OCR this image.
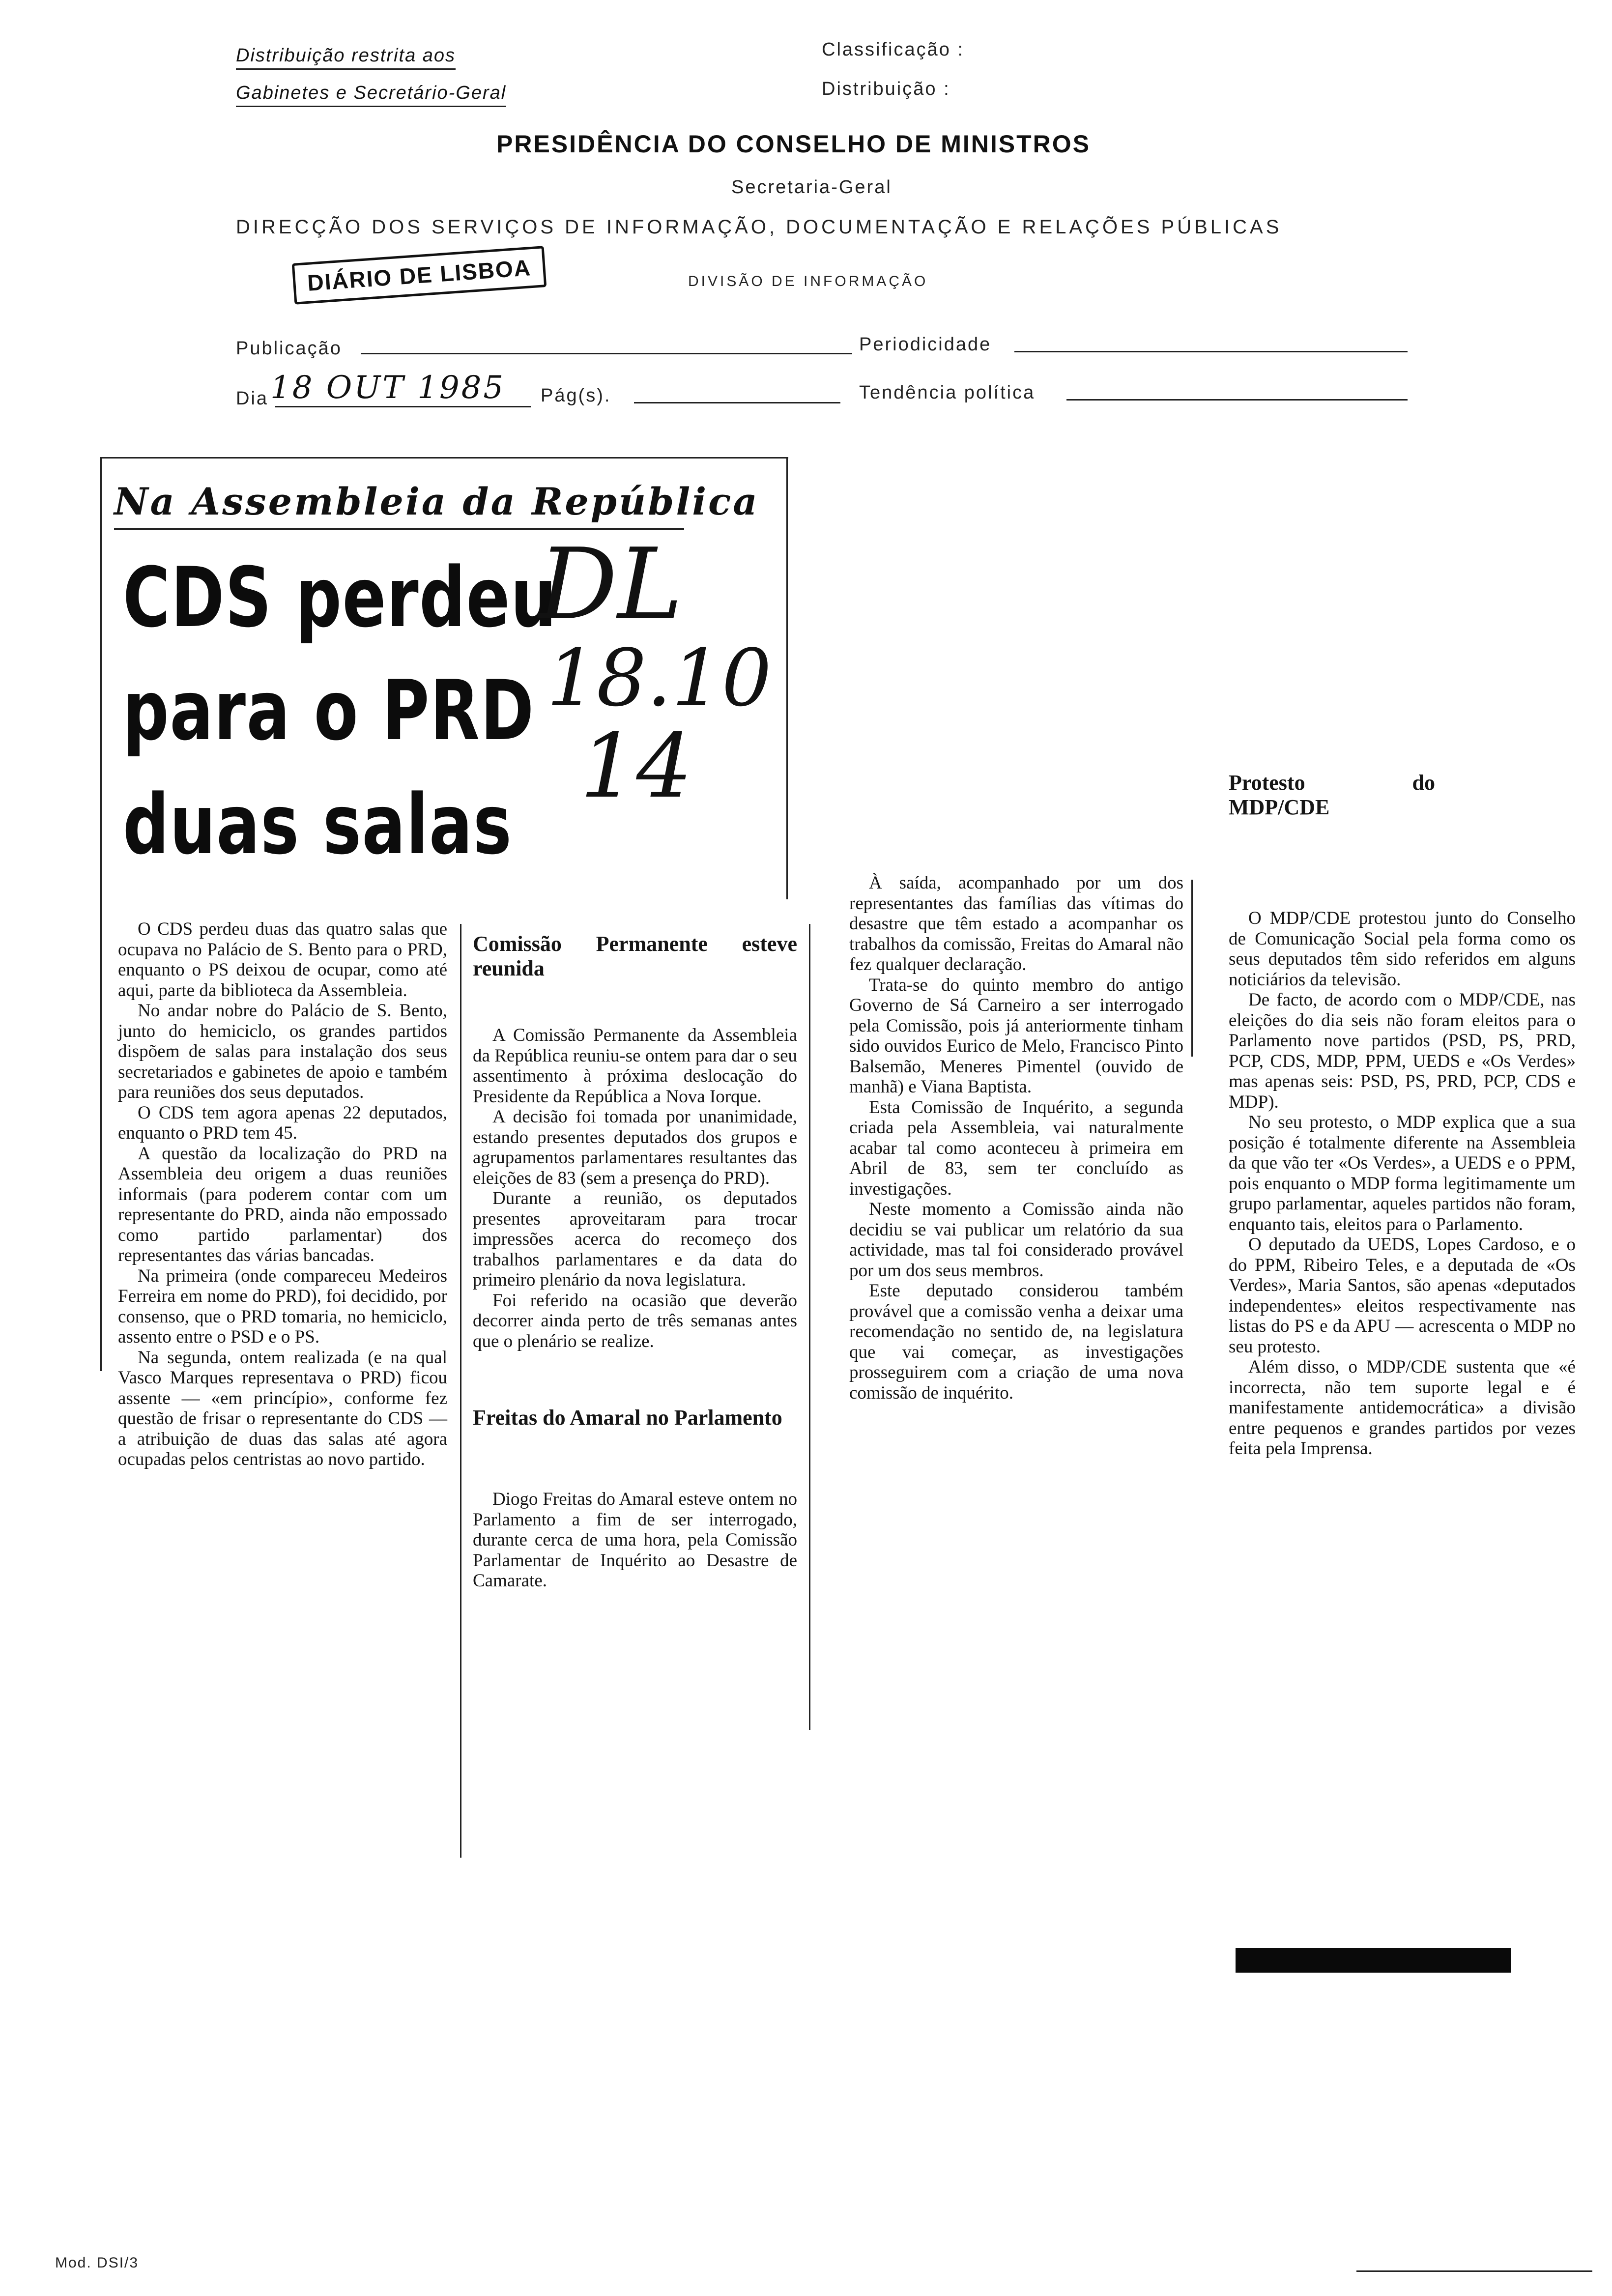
Distribuição restrita aos
Gabinetes e Secretário-Geral
Classificação :
Distribuição :
PRESIDÊNCIA DO CONSELHO DE MINISTROS
Secretaria-Geral
DIRECÇÃO DOS SERVIÇOS DE INFORMAÇÃO, DOCUMENTAÇÃO E RELAÇÕES PÚBLICAS
DIÁRIO DE LISBOA	DIVISÃO DE INFORMAÇÃO
Publicação	Periodicidade
Dia 18 OUT 1985 Pág(s).	Tendência política
Na Assembleia da República
CDS perdeu
para o PRD
duas salas
DL
18.10
14

O CDS perdeu duas das quatro salas que ocupava no Palácio de S. Bento para o PRD, enquanto o PS deixou de ocupar, como até aqui, parte da biblioteca da Assembleia.

No andar nobre do Palácio de S. Bento, junto do hemiciclo, os grandes partidos dispõem de salas para instalação dos seus secretariados e gabinetes de apoio e também para reuniões dos seus deputados.

O CDS tem agora apenas 22 deputados, enquanto o PRD tem 45.

A questão da localização do PRD na Assembleia deu origem a duas reuniões informais (para poderem contar com um representante do PRD, ainda não empossado como partido parlamentar) dos representantes das várias bancadas.

Na primeira (onde compareceu Medeiros Ferreira em nome do PRD), foi decidido, por consenso, que o PRD tomaria, no hemiciclo, assento entre o PSD e o PS.

Na segunda, ontem realizada (e na qual Vasco Marques representava o PRD) ficou assente — «em princípio», conforme fez questão de frisar o representante do CDS — a atribuição de duas das salas até agora ocupadas pelos centristas ao novo partido.

Comissão Permanente esteve reunida

A Comissão Permanente da Assembleia da República reuniu-se ontem para dar o seu assentimento à próxima deslocação do Presidente da República a Nova Iorque.

A decisão foi tomada por unanimidade, estando presentes deputados dos grupos e agrupamentos parlamentares resultantes das eleições de 83 (sem a presença do PRD).

Durante a reunião, os deputados presentes aproveitaram para trocar impressões acerca do recomeço dos trabalhos parlamentares e da data do primeiro plenário da nova legislatura.

Foi referido na ocasião que deverão decorrer ainda perto de três semanas antes que o plenário se realize.

Freitas do Amaral no Parlamento

Diogo Freitas do Amaral esteve ontem no Parlamento a fim de ser interrogado, durante cerca de uma hora, pela Comissão Parlamentar de Inquérito ao Desastre de Camarate.

À saída, acompanhado por um dos representantes das famílias das vítimas do desastre que têm estado a acompanhar os trabalhos da comissão, Freitas do Amaral não fez qualquer declaração.

Trata-se do quinto membro do antigo Governo de Sá Carneiro a ser interrogado pela Comissão, pois já anteriormente tinham sido ouvidos Eurico de Melo, Francisco Pinto Balsemão, Meneres Pimentel (ouvido de manhã) e Viana Baptista.

Esta Comissão de Inquérito, a segunda criada pela Assembleia, vai naturalmente acabar tal como aconteceu à primeira em Abril de 83, sem ter concluído as investigações.

Neste momento a Comissão ainda não decidiu se vai publicar um relatório da sua actividade, mas tal foi considerado provável por um dos seus membros.

Este deputado considerou também provável que a comissão venha a deixar uma recomendação no sentido de, na legislatura que vai começar, as investigações prosseguirem com a criação de uma nova comissão de inquérito.

Protesto do MDP/CDE

O MDP/CDE protestou junto do Conselho de Comunicação Social pela forma como os seus deputados têm sido referidos em alguns noticiários da televisão.

De facto, de acordo com o MDP/CDE, nas eleições do dia seis não foram eleitos para o Parlamento nove partidos (PSD, PS, PRD, PCP, CDS, MDP, PPM, UEDS e «Os Verdes» mas apenas seis: PSD, PS, PRD, PCP, CDS e MDP).

No seu protesto, o MDP explica que a sua posição é totalmente diferente na Assembleia da que vão ter «Os Verdes», a UEDS e o PPM, pois enquanto o MDP forma legitimamente um grupo parlamentar, aqueles partidos não foram, enquanto tais, eleitos para o Parlamento.

O deputado da UEDS, Lopes Cardoso, e o do PPM, Ribeiro Teles, e a deputada de «Os Verdes», Maria Santos, são apenas «deputados independentes» eleitos respectivamente nas listas do PS e da APU — acrescenta o MDP no seu protesto.

Além disso, o MDP/CDE sustenta que «é incorrecta, não tem suporte legal e é manifestamente antidemocrática» a divisão entre pequenos e grandes partidos por vezes feita pela Imprensa.

Mod. DSI/3
